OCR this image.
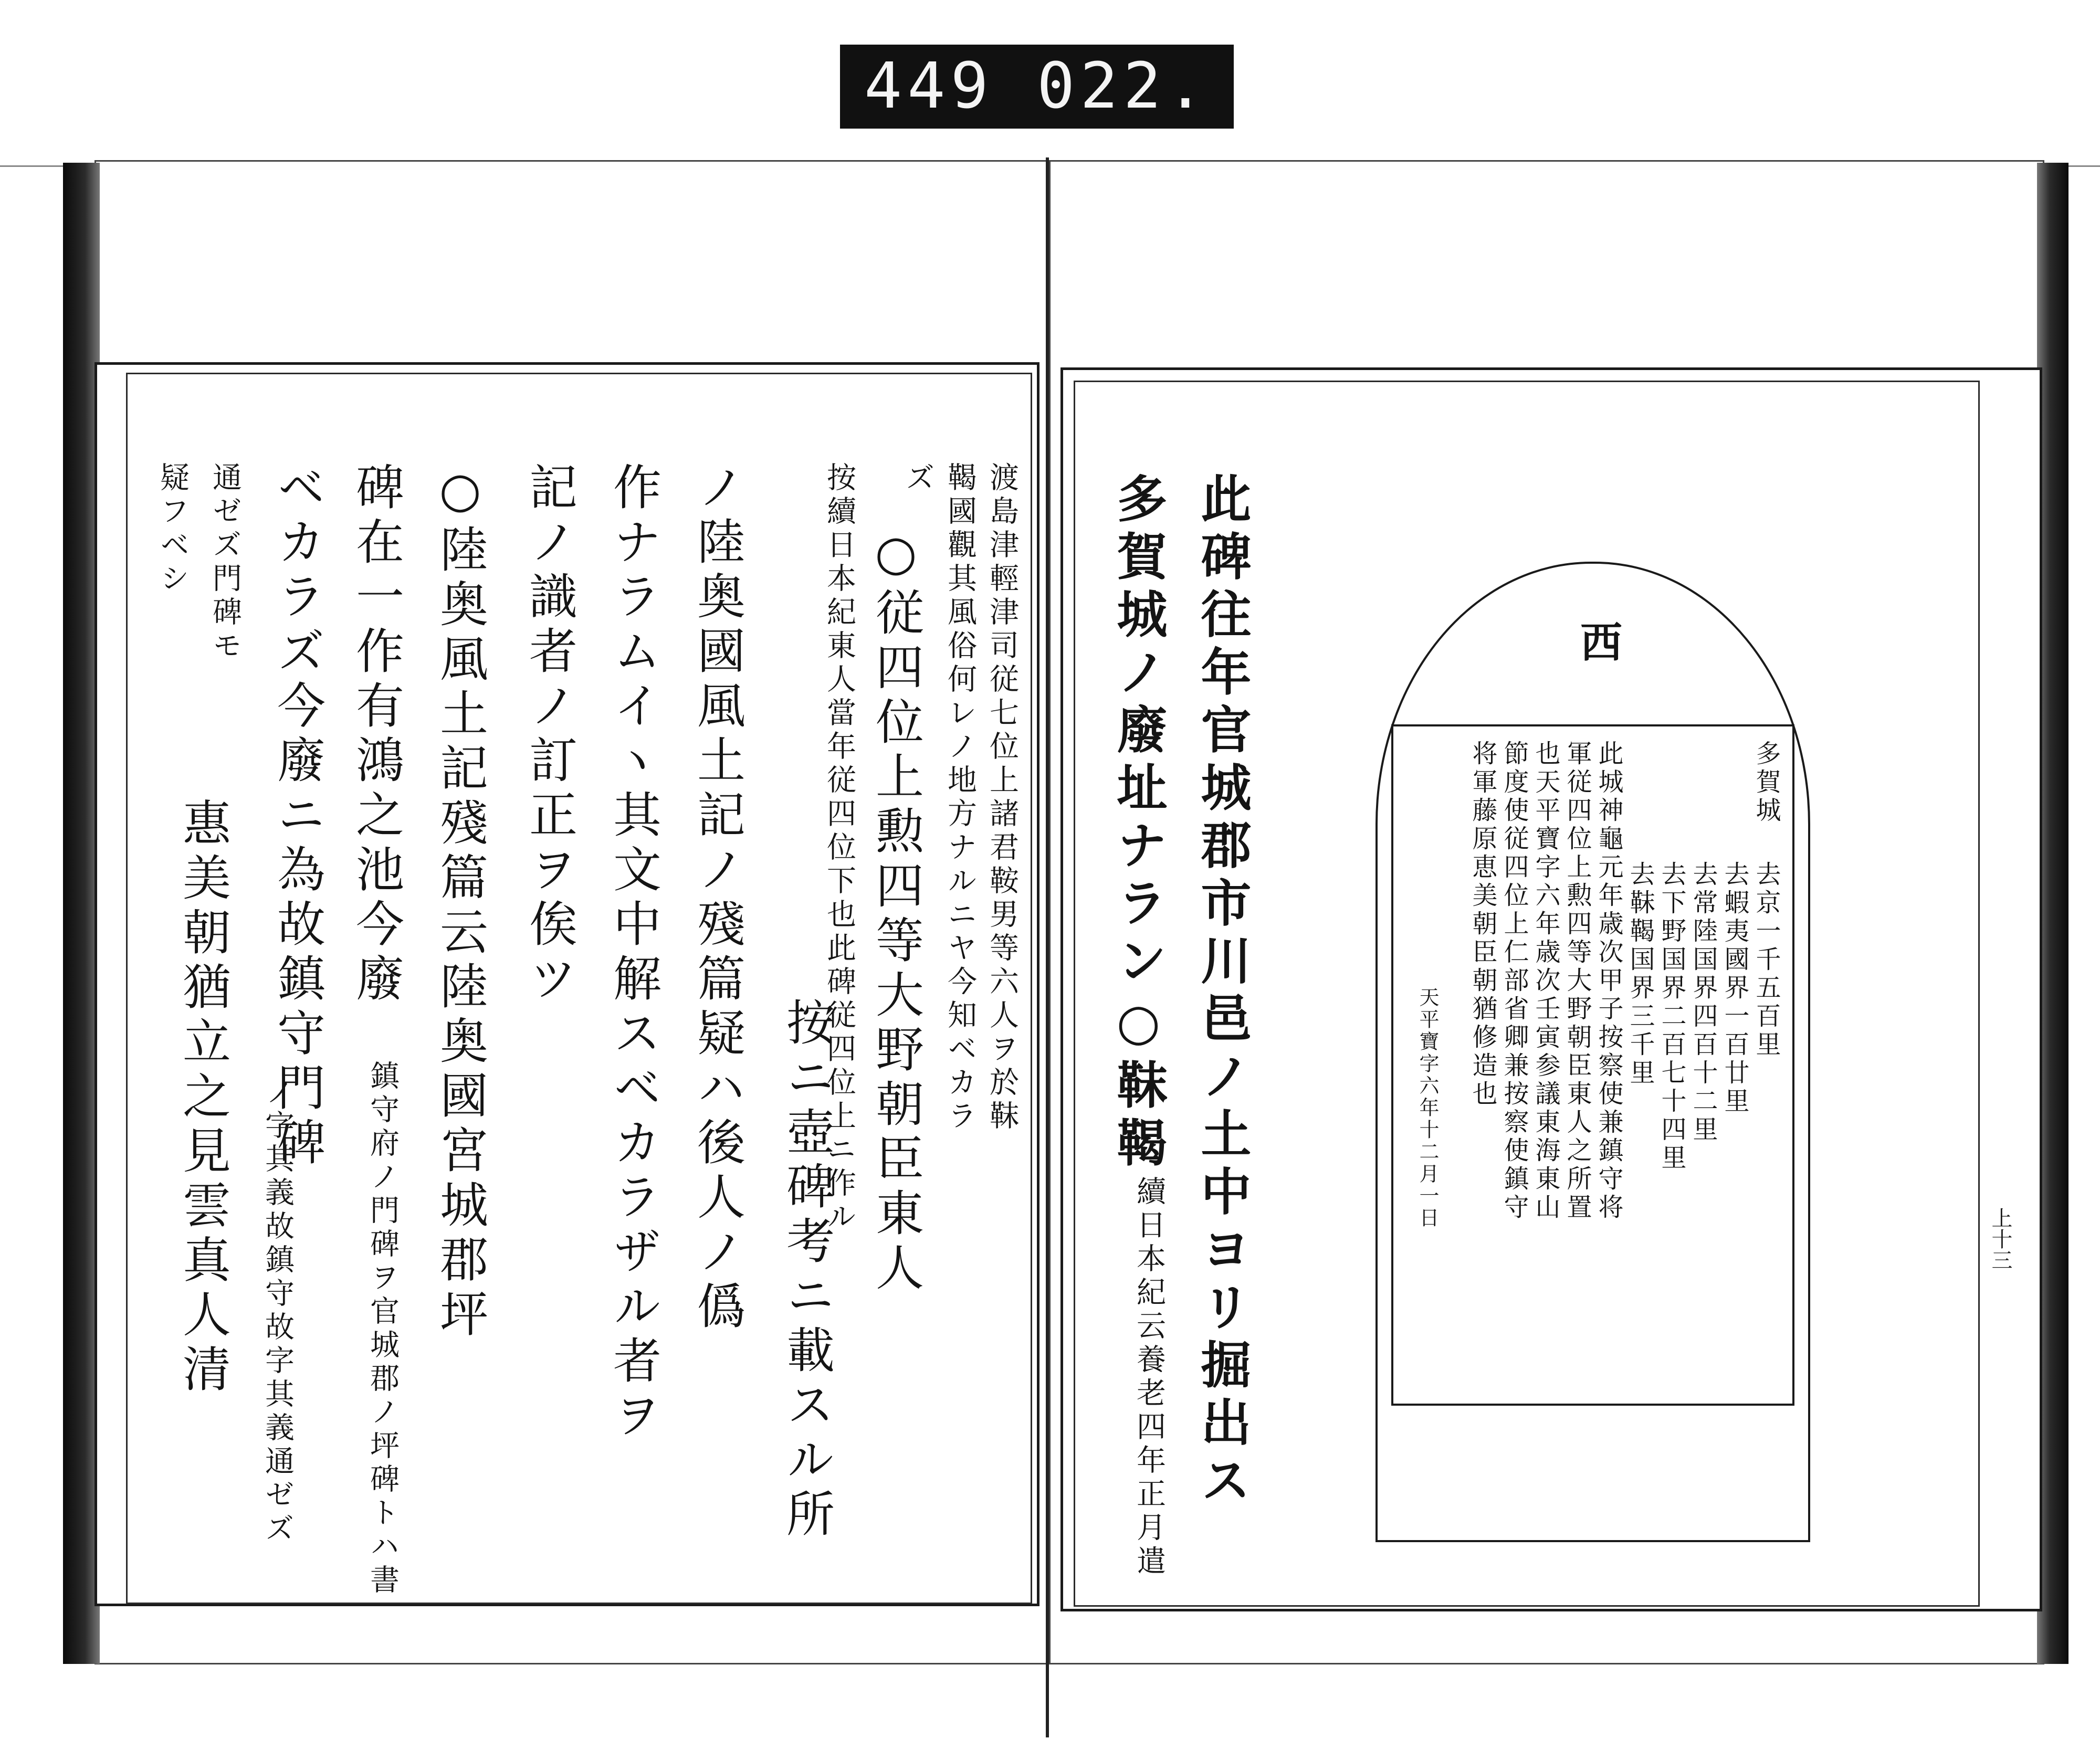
449 022.
渡島津輕津司従七位上諸君鞍男等六人ヲ於靺
鞨國觀其風俗何レノ地方ナルニヤ今知ベカラ
ズ
○従四位上勲四等大野朝臣東人
按續日本紀東人當年従四位下也此碑従四位上ニ作ル
按ニ壺碑考ニ載スル所
ノ陸奥國風土記ノ殘篇疑ハ後人ノ僞
作ナラムイヽ其文中解スベカラザル者ヲ
記ノ識者ノ訂正ヲ俟ツ
○陸奥風土記殘篇云陸奥國宮城郡坪
碑在一作有鴻之池今廢
鎮守府ノ門碑ヲ官城郡ノ坪碑トハ書
ベカラズ今廢ニ為故鎮守門碑
ノ字其義故鎮守故字其義通ゼズ
通ゼズ門碑モ
惠美朝猶立之見雲真人清
疑フベシ	此碑往年官城郡市川邑ノ土中ヨリ掘出ス
多賀城ノ廢址ナラン○靺鞨
續日本紀云養老四年正月遣
西
多賀城
去京一千五百里
去蝦夷國界一百廿里
去常陸国界四百十二里
去下野国界二百七十四里
去靺鞨国界三千里
此城神龜元年歳次甲子按察使兼鎮守将
軍従四位上勲四等大野朝臣東人之所置
也天平寶字六年歳次壬寅参議東海東山
節度使従四位上仁部省卿兼按察使鎮守
将軍藤原恵美朝臣朝猶修造也
天平寶字六年十二月一日
上十三
